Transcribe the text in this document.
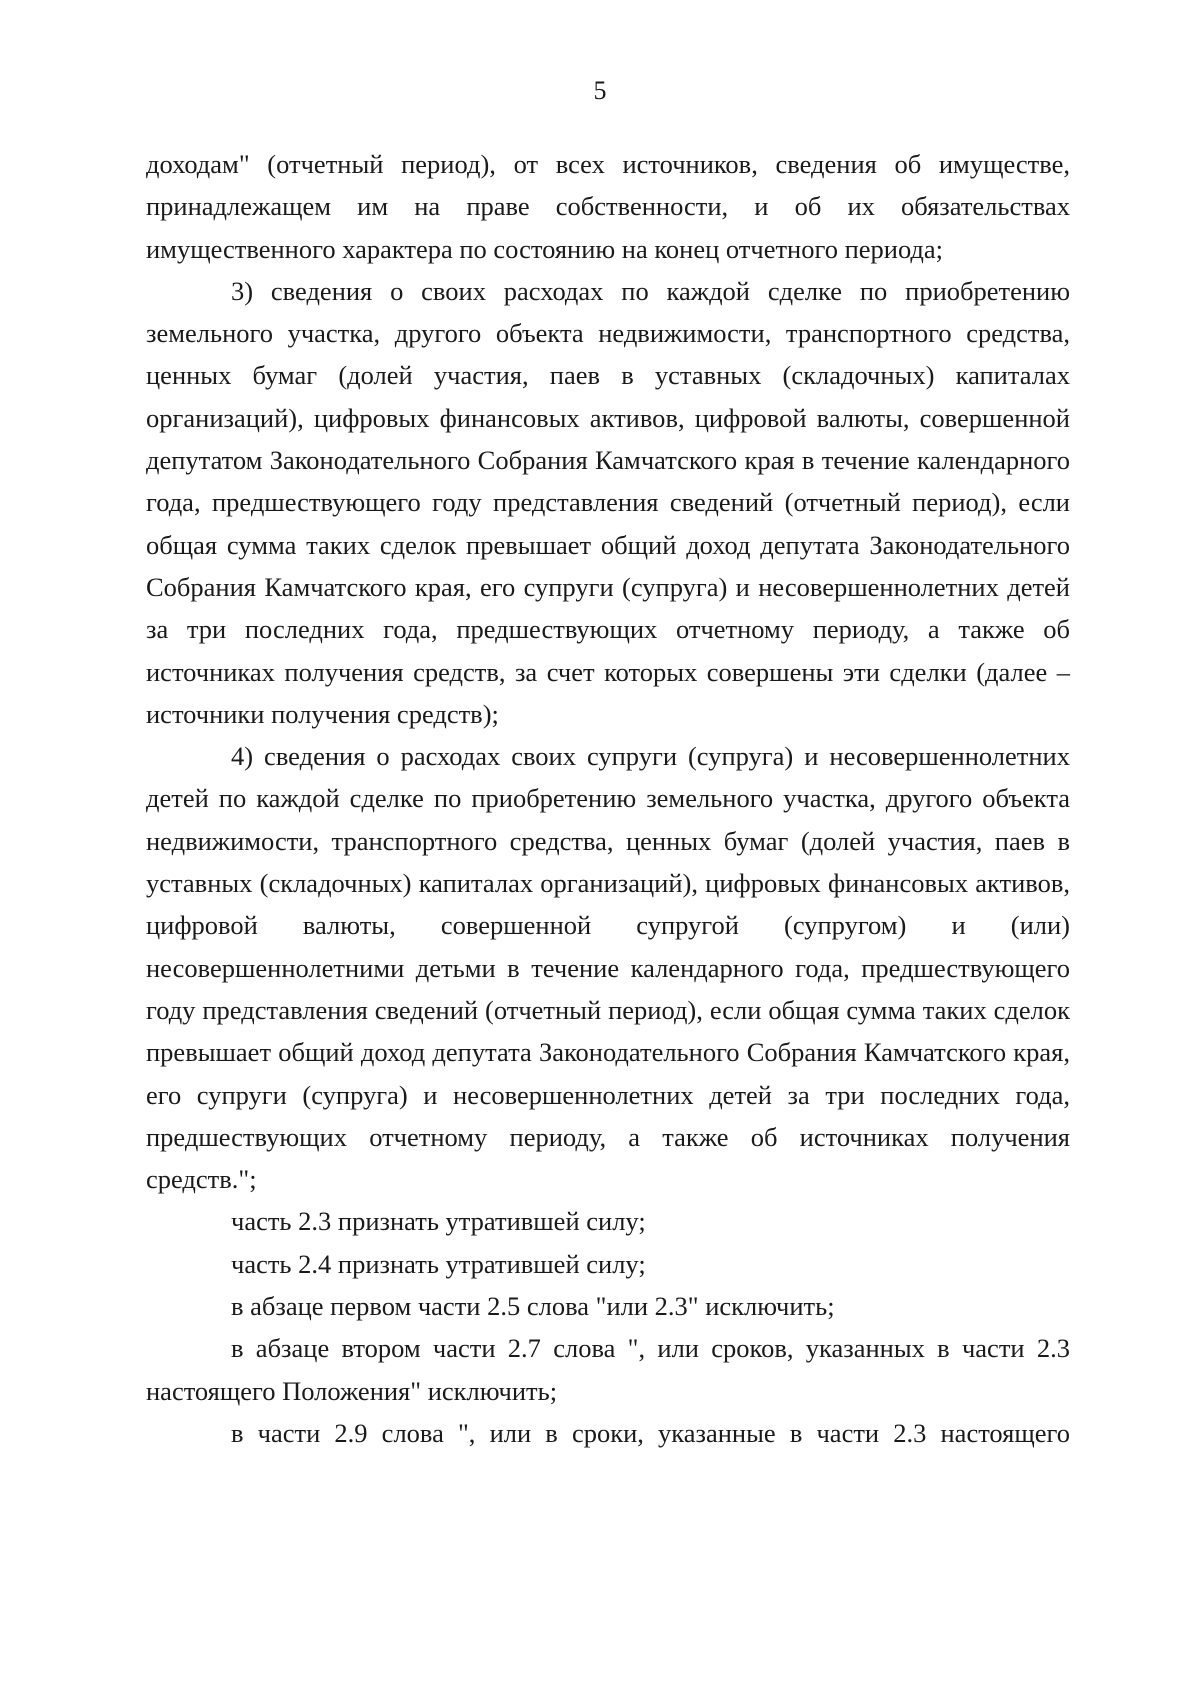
5

доходам" (отчетный период), от всех источников, сведения об имуществе, принадлежащем им на праве собственности, и об их обязательствах имущественного характера по состоянию на конец отчетного периода;

3) сведения о своих расходах по каждой сделке по приобретению земельного участка, другого объекта недвижимости, транспортного средства, ценных бумаг (долей участия, паев в уставных (складочных) капиталах организаций), цифровых финансовых активов, цифровой валюты, совершенной депутатом Законодательного Собрания Камчатского края в течение календарного года, предшествующего году представления сведений (отчетный период), если общая сумма таких сделок превышает общий доход депутата Законодательного Собрания Камчатского края, его супруги (супруга) и несовершеннолетних детей за три последних года, предшествующих отчетному периоду, а также об источниках получения средств, за счет которых совершены эти сделки (далее – источники получения средств);

4) сведения о расходах своих супруги (супруга) и несовершеннолетних детей по каждой сделке по приобретению земельного участка, другого объекта недвижимости, транспортного средства, ценных бумаг (долей участия, паев в уставных (складочных) капиталах организаций), цифровых финансовых активов, цифровой валюты, совершенной супругой (супругом) и (или) несовершеннолетними детьми в течение календарного года, предшествующего году представления сведений (отчетный период), если общая сумма таких сделок превышает общий доход депутата Законодательного Собрания Камчатского края, его супруги (супруга) и несовершеннолетних детей за три последних года, предшествующих отчетному периоду, а также об источниках получения средств.";

часть 2.3 признать утратившей силу;

часть 2.4 признать утратившей силу;

в абзаце первом части 2.5 слова "или 2.3" исключить;

в абзаце втором части 2.7 слова ", или сроков, указанных в части 2.3 настоящего Положения" исключить;

в части 2.9 слова ", или в сроки, указанные в части 2.3 настоящего
